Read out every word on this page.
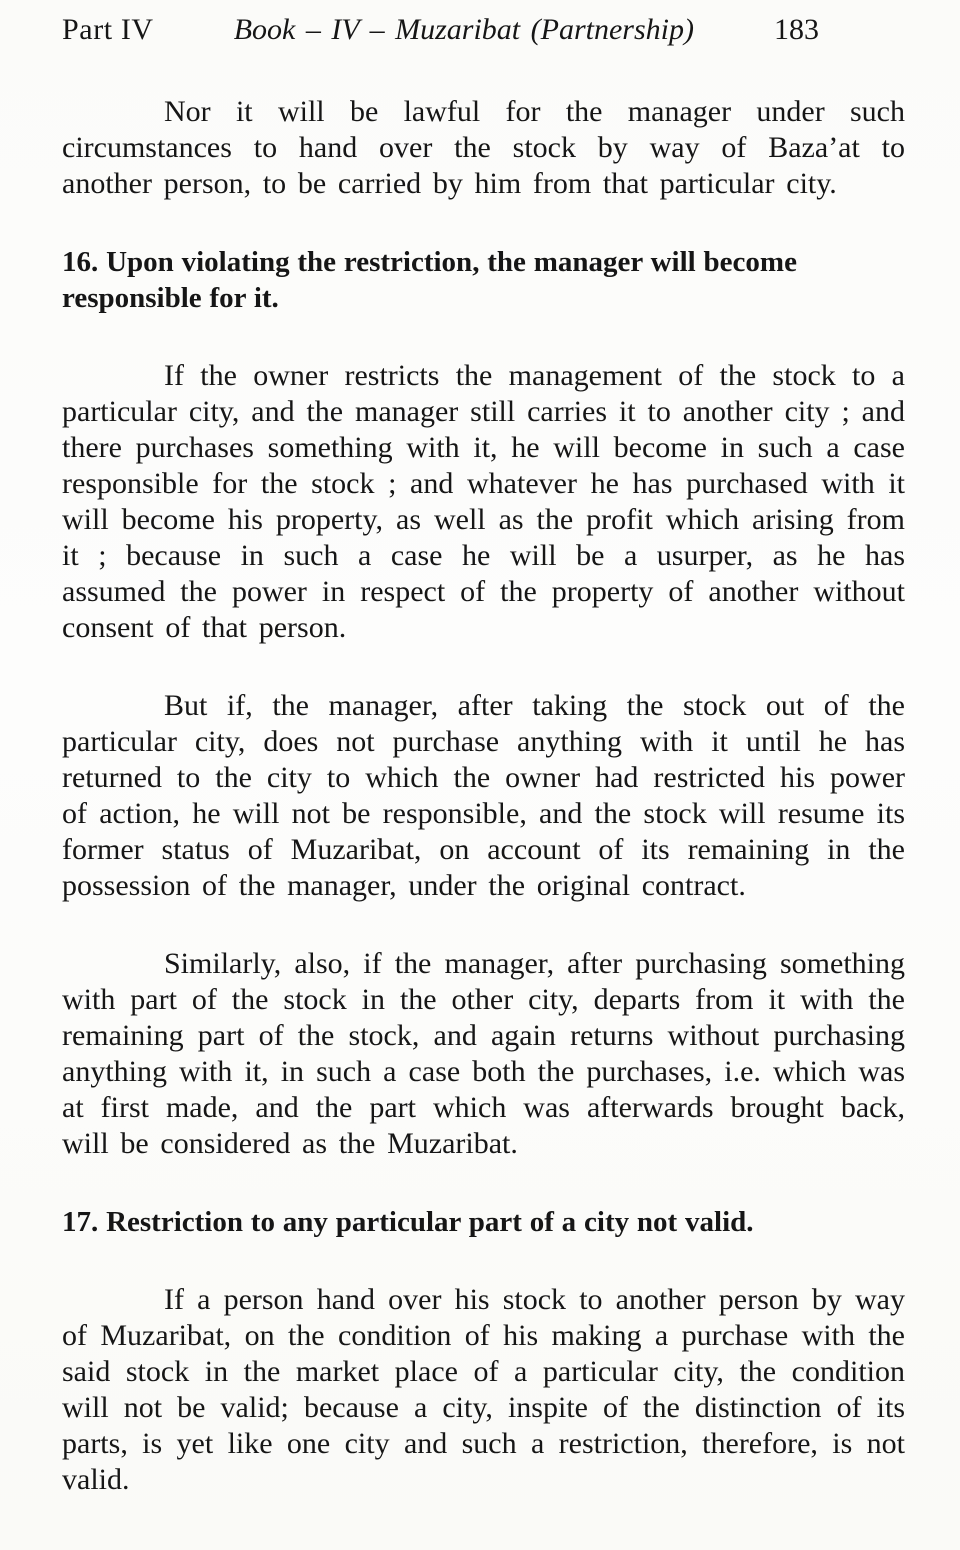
Part IV	Book – IV – Muzaribat (Partnership)	183

Nor it will be lawful for the manager under such circumstances to hand over the stock by way of Baza’at to another person, to be carried by him from that particular city.

16. Upon violating the restriction, the manager will become responsible for it.

If the owner restricts the management of the stock to a particular city, and the manager still carries it to another city ; and there purchases something with it, he will become in such a case responsible for the stock ; and whatever he has purchased with it will become his property, as well as the profit which arising from it ; because in such a case he will be a usurper, as he has assumed the power in respect of the property of another without consent of that person.

But if, the manager, after taking the stock out of the particular city, does not purchase anything with it until he has returned to the city to which the owner had restricted his power of action, he will not be responsible, and the stock will resume its former status of Muzaribat, on account of its remaining in the possession of the manager, under the original contract.

Similarly, also, if the manager, after purchasing something with part of the stock in the other city, departs from it with the remaining part of the stock, and again returns without purchasing anything with it, in such a case both the purchases, i.e. which was at first made, and the part which was afterwards brought back, will be considered as the Muzaribat.

17. Restriction to any particular part of a city not valid.

If a person hand over his stock to another person by way of Muzaribat, on the condition of his making a purchase with the said stock in the market place of a particular city, the condition will not be valid; because a city, inspite of the distinction of its parts, is yet like one city and such a restriction, therefore, is not valid.
